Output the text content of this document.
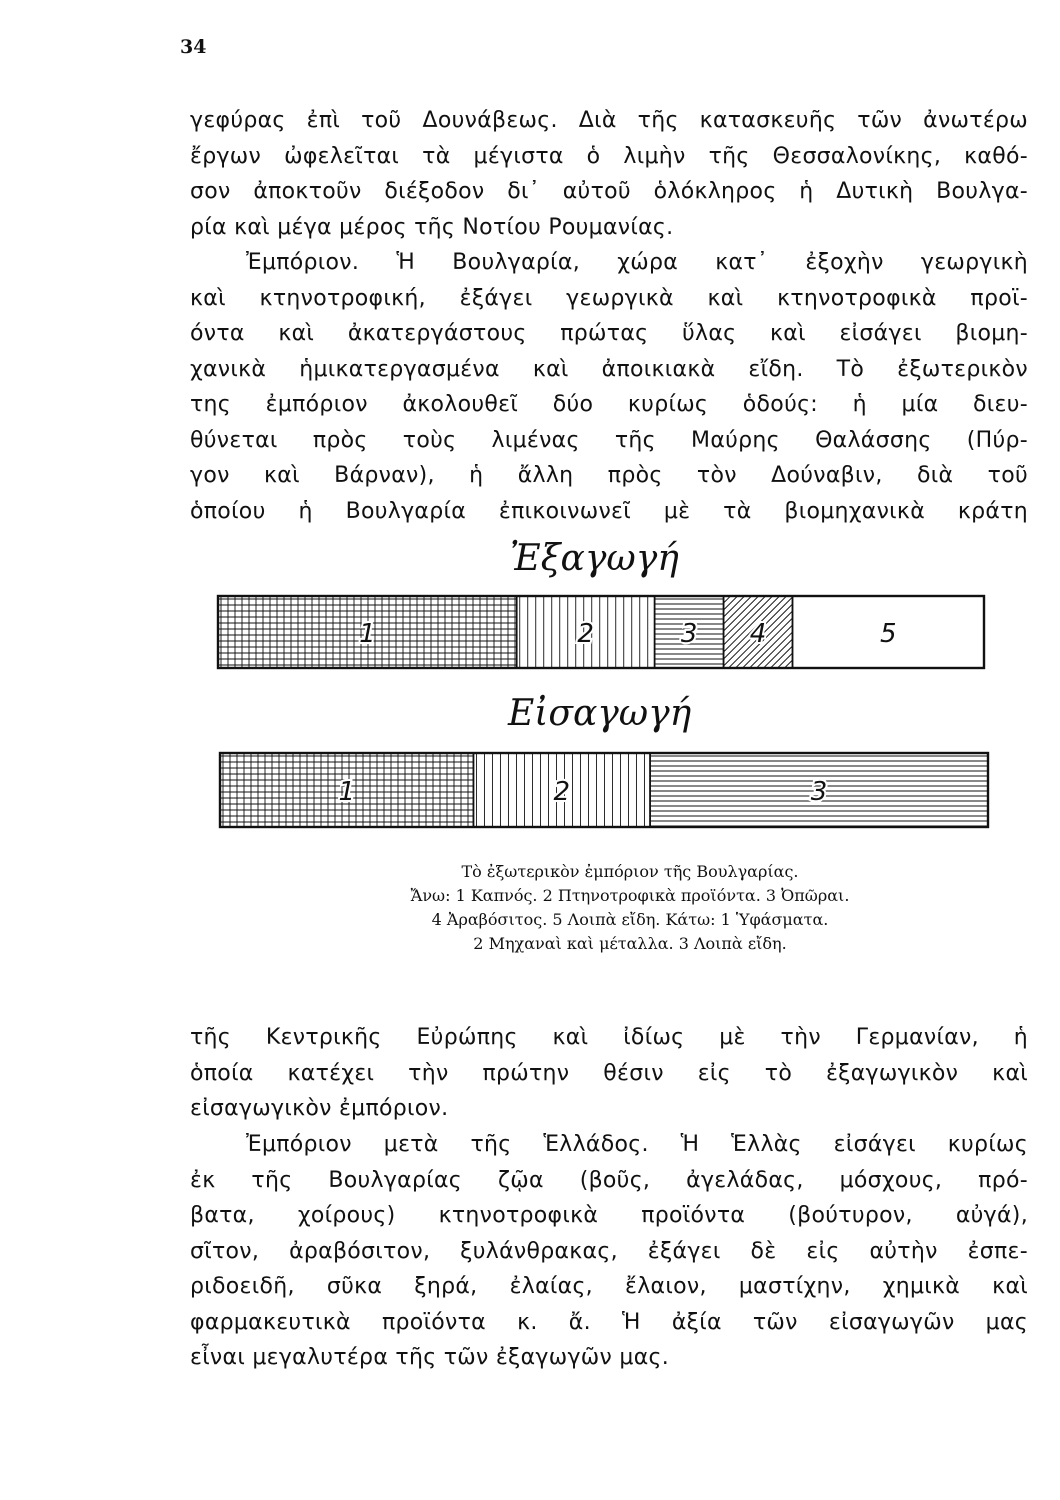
34
γεφύρας ἐπὶ τοῦ Δουνάβεως. Διὰ τῆς κατασκευῆς τῶν ἀνωτέρω
ἔργων ὠφελεῖται τὰ μέγιστα ὁ λιμὴν τῆς Θεσσαλονίκης, καθό-
σον ἀποκτοῦν διέξοδον δι᾽ αὐτοῦ ὁλόκληρος ἡ Δυτικὴ Βουλγα-
ρία καὶ μέγα μέρος τῆς Νοτίου Ρουμανίας.
Ἐμπόριον. Ἡ Βουλγαρία, χώρα κατ᾽ ἐξοχὴν γεωργικὴ
καὶ κτηνοτροφική, ἐξάγει γεωργικὰ καὶ κτηνοτροφικὰ προϊ-
όντα καὶ ἀκατεργάστους πρώτας ὕλας καὶ εἰσάγει βιομη-
χανικὰ ἡμικατεργασμένα καὶ ἀποικιακὰ εἴδη. Τὸ ἐξωτερικὸν
της ἐμπόριον ἀκολουθεῖ δύο κυρίως ὁδούς: ἡ μία διευ-
θύνεται πρὸς τοὺς λιμένας τῆς Μαύρης Θαλάσσης (Πύρ-
γον καὶ Βάρναν), ἡ ἄλλη πρὸς τὸν Δούναβιν, διὰ τοῦ
ὁποίου ἡ Βουλγαρία ἐπικοινωνεῖ μὲ τὰ βιομηχανικὰ κράτη
Ἐξαγωγή
1	2	3 4	5
Εἰσαγωγή
1	2	3
Τὸ ἐξωτερικὸν ἐμπόριον τῆς Βουλγαρίας.
Ἄνω: 1 Καπνός. 2 Πτηνοτροφικὰ προϊόντα. 3 Ὀπῶραι.
4 Ἀραβόσιτος. 5 Λοιπὰ εἴδη. Κάτω: 1 Ὑφάσματα.
2 Μηχαναὶ καὶ μέταλλα. 3 Λοιπὰ εἴδη.
τῆς Κεντρικῆς Εὐρώπης καὶ ἰδίως μὲ τὴν Γερμανίαν, ἡ
ὁποία κατέχει τὴν πρώτην θέσιν εἰς τὸ ἐξαγωγικὸν καὶ
εἰσαγωγικὸν ἐμπόριον.
Ἐμπόριον μετὰ τῆς Ἑλλάδος. Ἡ Ἑλλὰς εἰσάγει κυρίως
ἐκ τῆς Βουλγαρίας ζῷα (βοῦς, ἀγελάδας, μόσχους, πρό-
βατα, χοίρους) κτηνοτροφικὰ προϊόντα (βούτυρον, αὐγά),
σῖτον, ἀραβόσιτον, ξυλάνθρακας, ἐξάγει δὲ εἰς αὐτὴν ἐσπε-
ριδοειδῆ, σῦκα ξηρά, ἐλαίας, ἔλαιον, μαστίχην, χημικὰ καὶ
φαρμακευτικὰ προϊόντα κ. ἄ. Ἡ ἀξία τῶν εἰσαγωγῶν μας
εἶναι μεγαλυτέρα τῆς τῶν ἐξαγωγῶν μας.
